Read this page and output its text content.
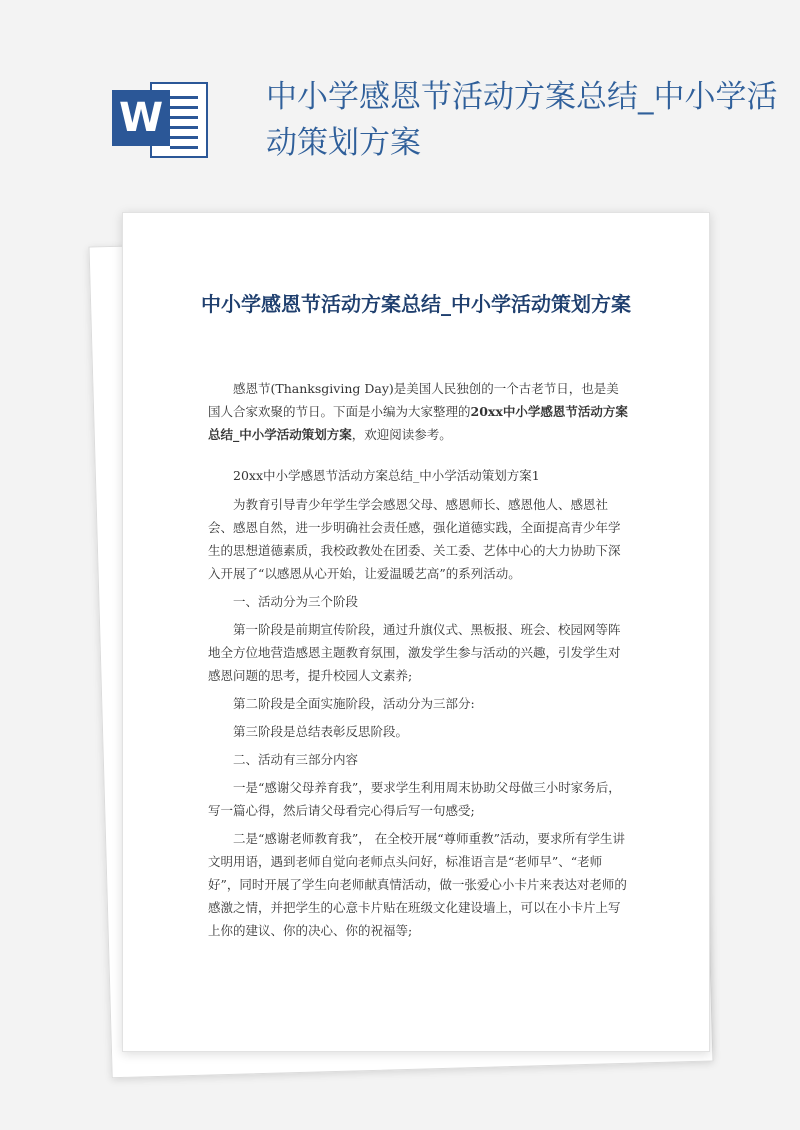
W	中小学感恩节活动方案总结_中小学活动策划方案
中小学感恩节活动方案总结_中小学活动策划方案

感恩节(Thanksgiving Day)是美国人民独创的一个古老节日，也是美国人合家欢聚的节日。下面是小编为大家整理的20xx中小学感恩节活动方案总结_中小学活动策划方案，欢迎阅读参考。

20xx中小学感恩节活动方案总结_中小学活动策划方案1

为教育引导青少年学生学会感恩父母、感恩师长、感恩他人、感恩社会、感恩自然，进一步明确社会责任感，强化道德实践，全面提高青少年学生的思想道德素质，我校政教处在团委、关工委、艺体中心的大力协助下深入开展了“以感恩从心开始，让爱温暖艺高”的系列活动。

一、活动分为三个阶段

第一阶段是前期宣传阶段，通过升旗仪式、黑板报、班会、校园网等阵地全方位地营造感恩主题教育氛围，激发学生参与活动的兴趣，引发学生对感恩问题的思考，提升校园人文素养;

第二阶段是全面实施阶段，活动分为三部分:

第三阶段是总结表彰反思阶段。

二、活动有三部分内容

一是“感谢父母养育我”，要求学生利用周末协助父母做三小时家务后，写一篇心得，然后请父母看完心得后写一句感受;

二是“感谢老师教育我”， 在全校开展“尊师重教”活动，要求所有学生讲文明用语，遇到老师自觉向老师点头问好，标准语言是“老师早”、“老师好”，同时开展了学生向老师献真情活动，做一张爱心小卡片来表达对老师的感激之情，并把学生的心意卡片贴在班级文化建设墙上，可以在小卡片上写上你的建议、你的决心、你的祝福等;
